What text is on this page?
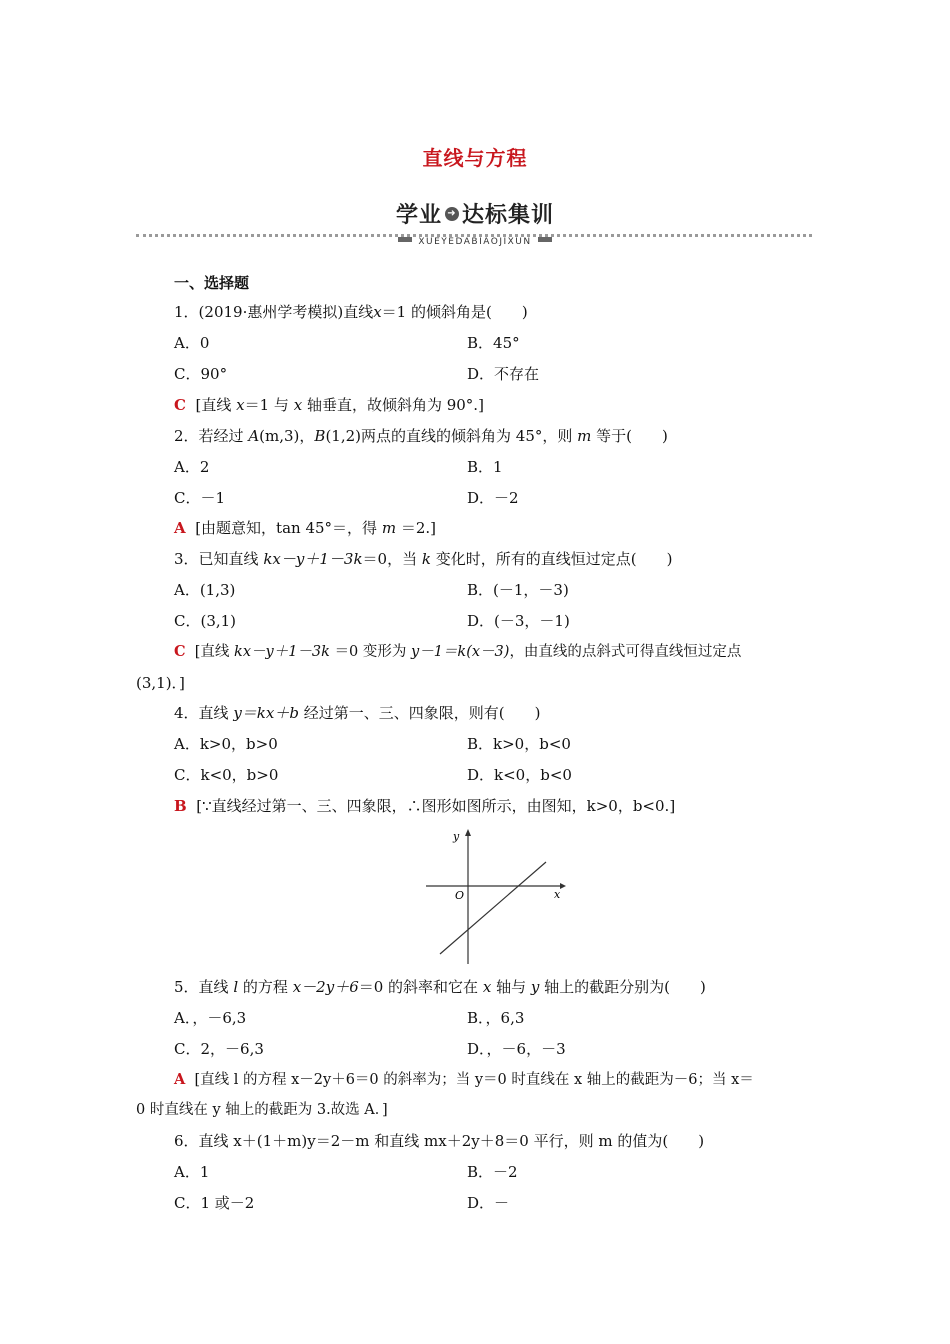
直线与方程
学业 ➜ 达标集训
XUEYEDABIAOJIXUN
一、选择题
1．(2019·惠州学考模拟)直线x＝1 的倾斜角是(　　)
A．0	B．45°
C．90°	D．不存在
C [直线 x＝1 与 x 轴垂直，故倾斜角为 90°.]
2．若经过 A(m,3)，B(1,2)两点的直线的倾斜角为 45°，则 m 等于(　　)
A．2	B．1
C．－1	D．－2
A [由题意知，tan 45°＝，得 m ＝2.]
3．已知直线 kx－y＋1－3k＝0，当 k 变化时，所有的直线恒过定点(　　)
A．(1,3)	B．(－1，－3)
C．(3,1)	D．(－3，－1)
C [直线 kx－y＋1－3k ＝0 变形为 y－1＝k(x－3)，由直线的点斜式可得直线恒过定点
(3,1)．]
4．直线 y＝kx＋b 经过第一、三、四象限，则有(　　)
A．k>0，b>0	B．k>0，b<0
C．k<0，b>0	D．k<0，b<0
B [∵直线经过第一、三、四象限，∴图形如图所示，由图知，k>0，b<0.]
y
x
O
5．直线 l 的方程 x－2y＋6＝0 的斜率和它在 x 轴与 y 轴上的截距分别为(　　)
A．，－6,3	B．，6,3
C．2，－6,3	D．，－6，－3
A [直线 l 的方程 x－2y＋6＝0 的斜率为；当 y＝0 时直线在 x 轴上的截距为－6；当 x＝
0 时直线在 y 轴上的截距为 3.故选 A．]
6．直线 x＋(1＋m)y＝2－m 和直线 mx＋2y＋8＝0 平行，则 m 的值为(　　)
A．1	B．－2
C．1 或－2	D．－
